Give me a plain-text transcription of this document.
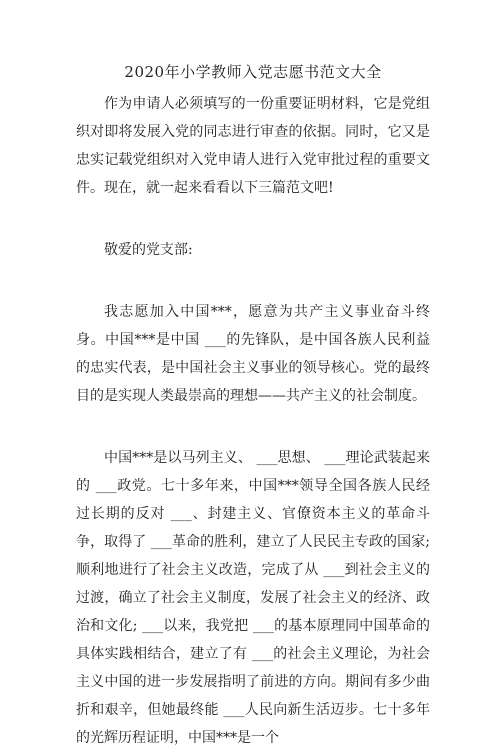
2020年小学教师入党志愿书范文大全

作为申请人必须填写的一份重要证明材料，它是党组织对即将发展入党的同志进行审查的依据。同时，它又是忠实记载党组织对入党申请人进行入党审批过程的重要文件。现在，就一起来看看以下三篇范文吧!

敬爱的党支部:

我志愿加入中国***，愿意为共产主义事业奋斗终身。中国***是中国 ___的先锋队，是中国各族人民利益的忠实代表，是中国社会主义事业的领导核心。党的最终目的是实现人类最崇高的理想——共产主义的社会制度。

中国***是以马列主义、 ___思想、 ___理论武装起来的 ___政党。七十多年来，中国***领导全国各族人民经过长期的反对 ___、封建主义、官僚资本主义的革命斗争，取得了 ___革命的胜利，建立了人民民主专政的国家;顺利地进行了社会主义改造，完成了从 ___到社会主义的过渡，确立了社会主义制度，发展了社会主义的经济、政治和文化; ___以来，我党把 ___的基本原理同中国革命的具体实践相结合，建立了有 ___的社会主义理论，为社会主义中国的进一步发展指明了前进的方向。期间有多少曲折和艰辛，但她最终能 ___人民向新生活迈步。七十多年的光辉历程证明，中国***是一个
